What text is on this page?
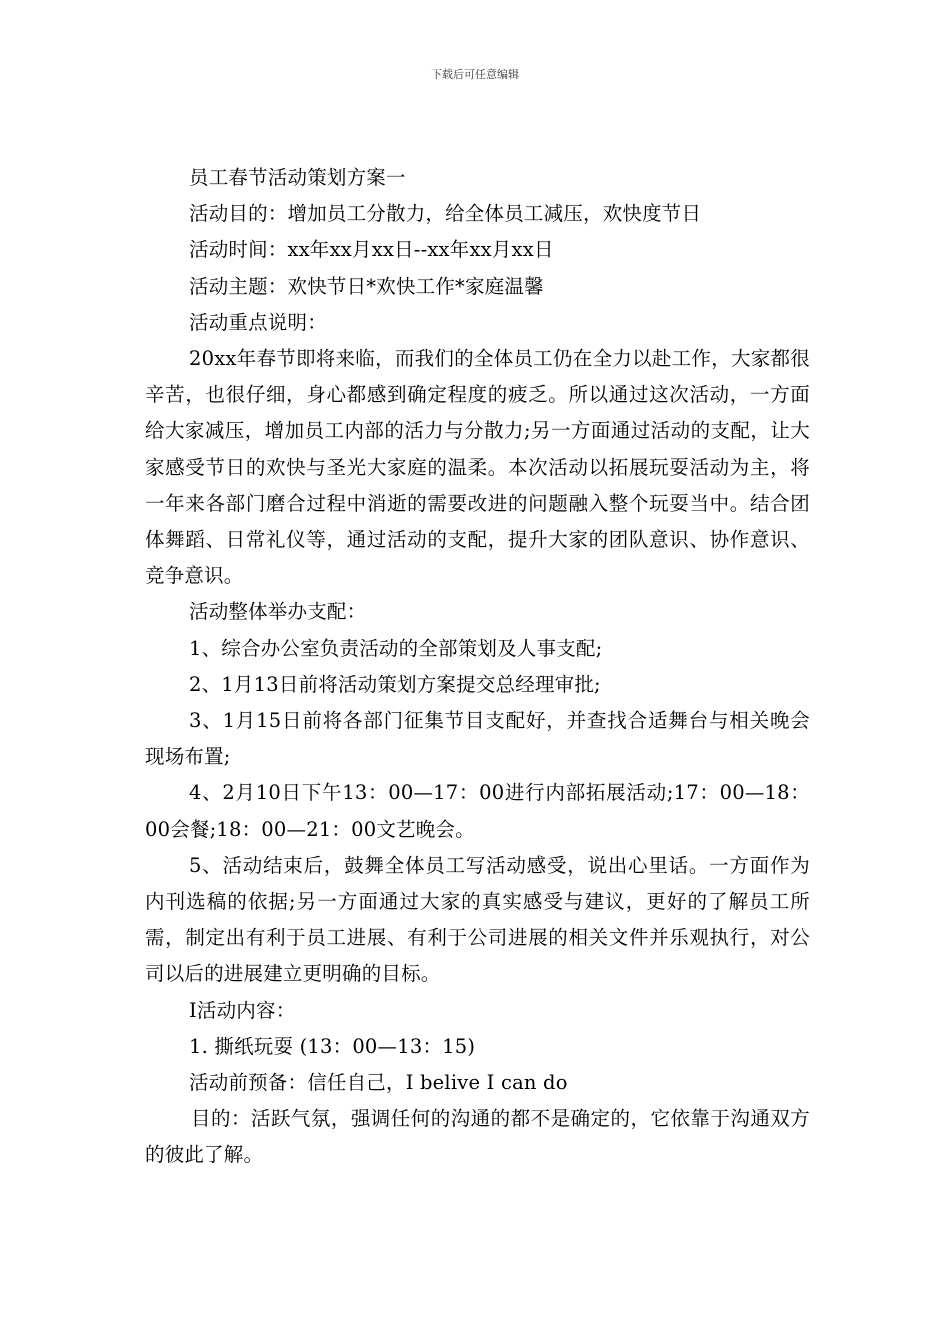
下载后可任意编辑

员工春节活动策划方案一

活动目的：增加员工分散力，给全体员工减压，欢快度节日

活动时间：xx年xx月xx日--xx年xx月xx日

活动主题：欢快节日*欢快工作*家庭温馨

活动重点说明：

20xx年春节即将来临，而我们的全体员工仍在全力以赴工作，大家都很辛苦，也很仔细，身心都感到确定程度的疲乏。所以通过这次活动，一方面给大家减压，增加员工内部的活力与分散力;另一方面通过活动的支配，让大家感受节日的欢快与圣光大家庭的温柔。本次活动以拓展玩耍活动为主，将一年来各部门磨合过程中消逝的需要改进的问题融入整个玩耍当中。结合团体舞蹈、日常礼仪等，通过活动的支配，提升大家的团队意识、协作意识、竞争意识。

活动整体举办支配：

1、综合办公室负责活动的全部策划及人事支配;

2、1月13日前将活动策划方案提交总经理审批;

3、1月15日前将各部门征集节目支配好，并查找合适舞台与相关晚会现场布置;

4、2月10日下午13：00—17：00进行内部拓展活动;17：00—18：00会餐;18：00—21：00文艺晚会。

5、活动结束后，鼓舞全体员工写活动感受，说出心里话。一方面作为内刊选稿的依据;另一方面通过大家的真实感受与建议，更好的了解员工所需，制定出有利于员工进展、有利于公司进展的相关文件并乐观执行，对公司以后的进展建立更明确的目标。

I活动内容：

1. 撕纸玩耍 (13：00—13：15)

活动前预备：信任自己，I belive I can do

目的：活跃气氛，强调任何的沟通的都不是确定的，它依靠于沟通双方的彼此了解。
